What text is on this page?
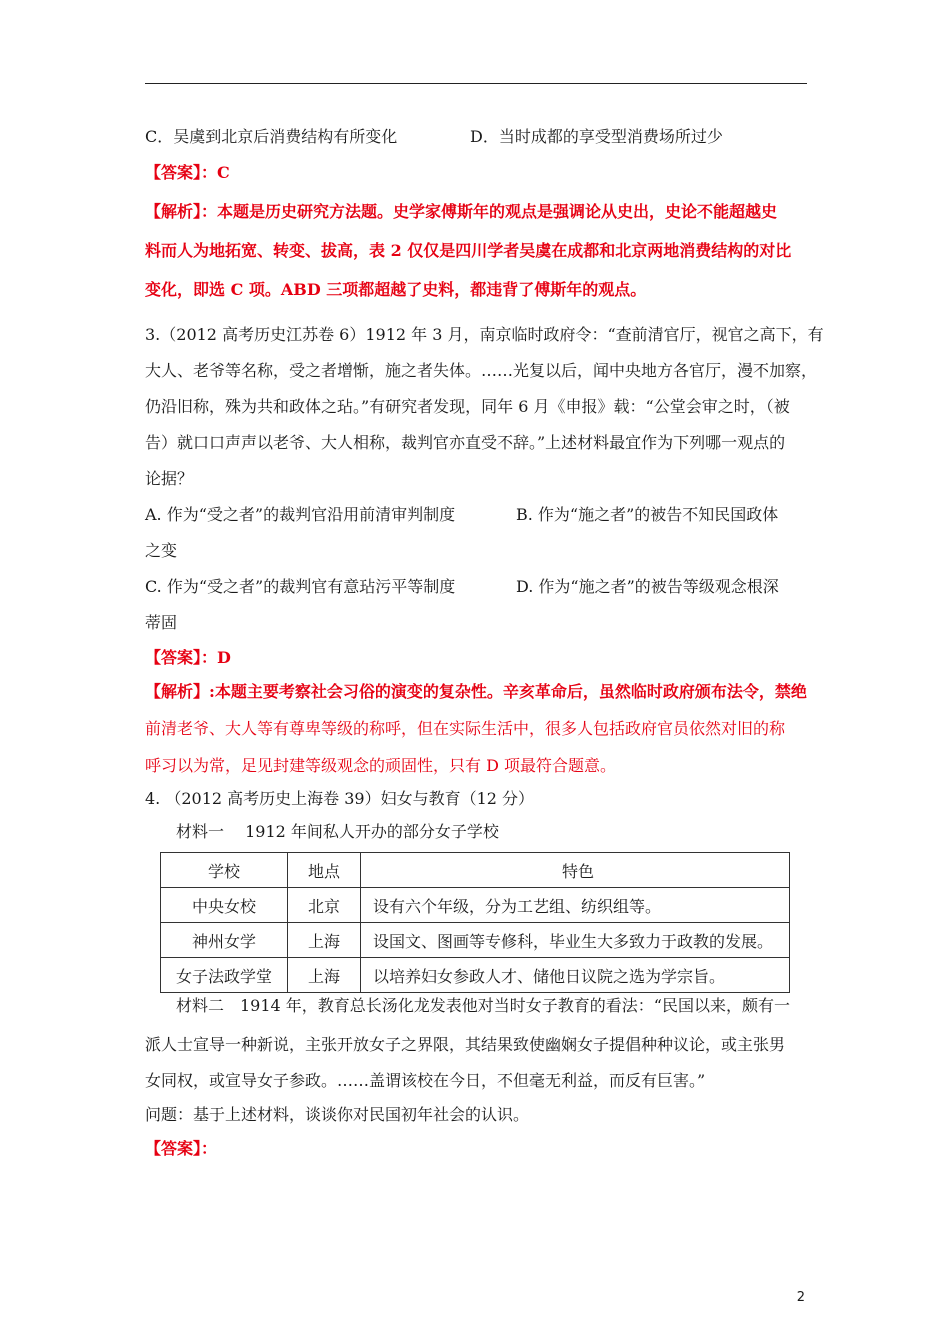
C．吴虞到北京后消费结构有所变化	D．当时成都的享受型消费场所过少
【答案】：C
【解析】：本题是历史研究方法题。史学家傅斯年的观点是强调论从史出，史论不能超越史
料而人为地拓宽、转变、拔高，表 2 仅仅是四川学者吴虞在成都和北京两地消费结构的对比
变化，即选 C 项。ABD 三项都超越了史料，都违背了傅斯年的观点。
3.（2012 高考历史江苏卷 6）1912 年 3 月，南京临时政府令：“查前清官厅，视官之高下，有
大人、老爷等名称，受之者增惭，施之者失体。……光复以后，闻中央地方各官厅，漫不加察，
仍沿旧称，殊为共和政体之玷。”有研究者发现，同年 6 月《申报》载：“公堂会审之时，（被
告）就口口声声以老爷、大人相称，裁判官亦直受不辞。”上述材料最宜作为下列哪一观点的
论据？
A. 作为“受之者”的裁判官沿用前清审判制度	B. 作为“施之者”的被告不知民国政体
之变
C. 作为“受之者”的裁判官有意玷污平等制度	D. 作为“施之者”的被告等级观念根深
蒂固
【答案】：D
【解析】:本题主要考察社会习俗的演变的复杂性。辛亥革命后，虽然临时政府颁布法令，禁绝
前清老爷、大人等有尊卑等级的称呼，但在实际生活中，很多人包括政府官员依然对旧的称
呼习以为常，足见封建等级观念的顽固性，只有 D 项最符合题意。
4. （2012 高考历史上海卷 39）妇女与教育（12 分）
材料一　 1912 年间私人开办的部分女子学校
学校	地点	特色
中央女校	北京	设有六个年级，分为工艺组、纺织组等。
神州女学	上海	设国文、图画等专修科，毕业生大多致力于政教的发展。
女子法政学堂	上海	以培养妇女参政人才、储他日议院之选为学宗旨。
材料二　1914 年，教育总长汤化龙发表他对当时女子教育的看法：“民国以来，颇有一
派人士宣导一种新说，主张开放女子之界限，其结果致使幽娴女子提倡种种议论，或主张男
女同权，或宣导女子参政。……盖谓该校在今日，不但毫无利益，而反有巨害。”
问题：基于上述材料，谈谈你对民国初年社会的认识。
【答案】：
2
